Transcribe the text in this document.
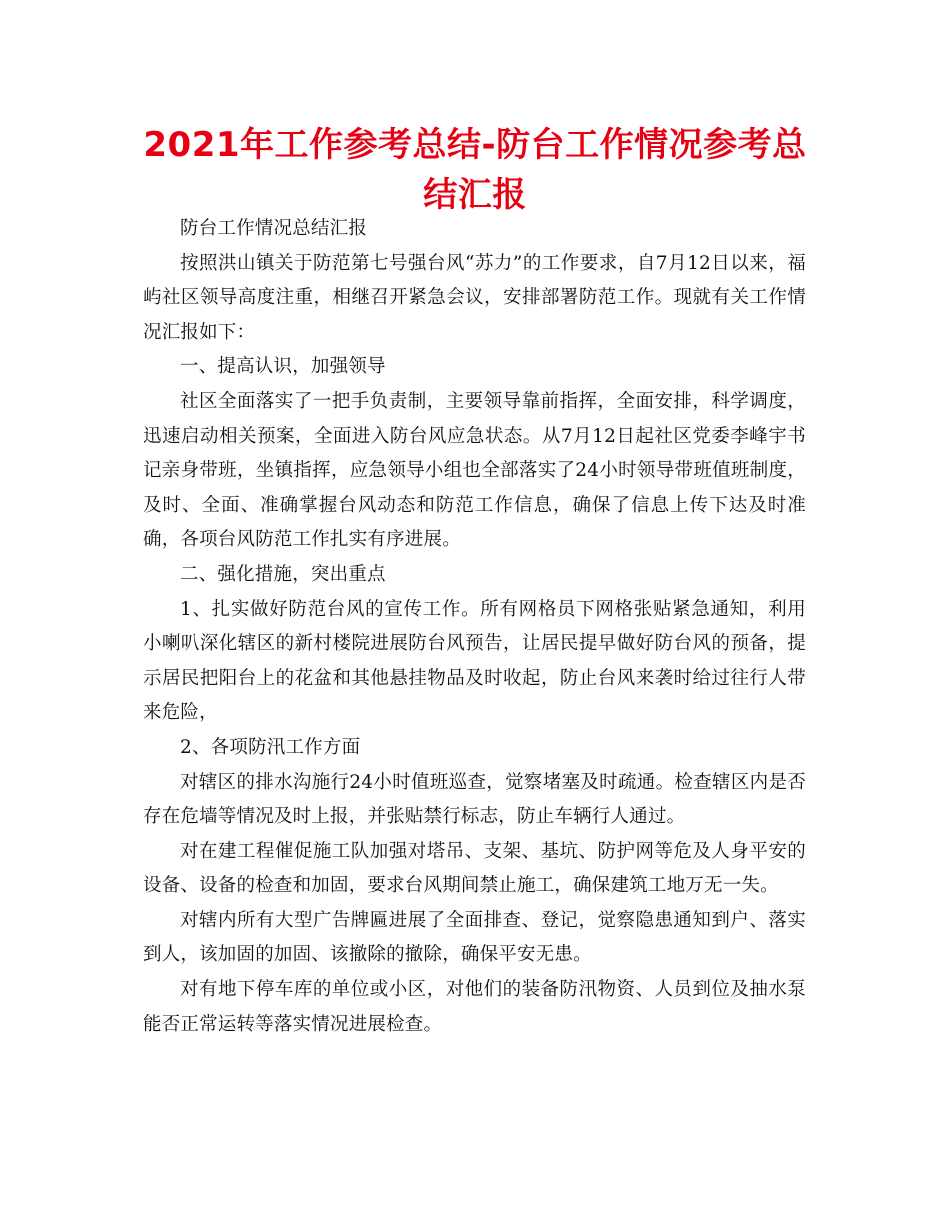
2021年工作参考总结-防台工作情况参考总结汇报

防台工作情况总结汇报

按照洪山镇关于防范第七号强台风“苏力”的工作要求，自7月12日以来，福屿社区领导高度注重，相继召开紧急会议，安排部署防范工作。现就有关工作情况汇报如下：

一、提高认识，加强领导

社区全面落实了一把手负责制，主要领导靠前指挥，全面安排，科学调度，迅速启动相关预案，全面进入防台风应急状态。从7月12日起社区党委李峰宇书记亲身带班，坐镇指挥，应急领导小组也全部落实了24小时领导带班值班制度，及时、全面、准确掌握台风动态和防范工作信息，确保了信息上传下达及时准确，各项台风防范工作扎实有序进展。

二、强化措施，突出重点

1、扎实做好防范台风的宣传工作。所有网格员下网格张贴紧急通知，利用小喇叭深化辖区的新村楼院进展防台风预告，让居民提早做好防台风的预备，提示居民把阳台上的花盆和其他悬挂物品及时收起，防止台风来袭时给过往行人带来危险，

2、各项防汛工作方面

对辖区的排水沟施行24小时值班巡查，觉察堵塞及时疏通。检查辖区内是否存在危墙等情况及时上报，并张贴禁行标志，防止车辆行人通过。

对在建工程催促施工队加强对塔吊、支架、基坑、防护网等危及人身平安的设备、设备的检查和加固，要求台风期间禁止施工，确保建筑工地万无一失。

对辖内所有大型广告牌匾进展了全面排查、登记，觉察隐患通知到户、落实到人，该加固的加固、该撤除的撤除，确保平安无患。

对有地下停车库的单位或小区，对他们的装备防汛物资、人员到位及抽水泵能否正常运转等落实情况进展检查。
